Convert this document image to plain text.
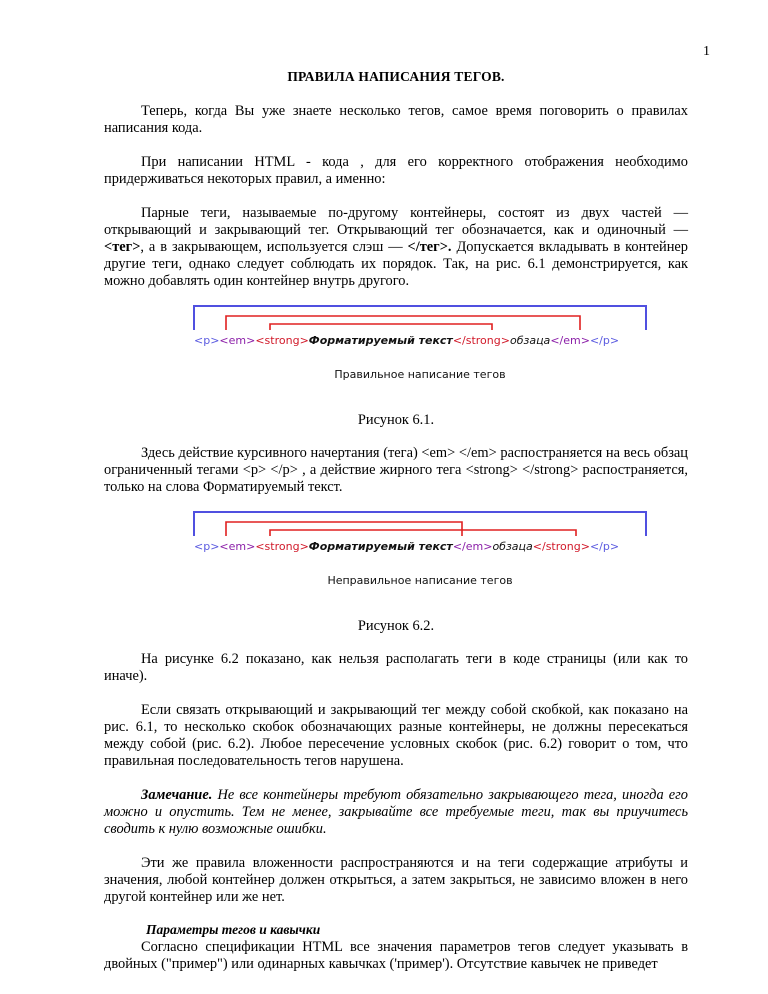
1
ПРАВИЛА НАПИСАНИЯ ТЕГОВ.

Теперь, когда Вы уже знаете несколько тегов, самое время поговорить о правилах написания кода.

При написании HTML - кода , для его корректного отображения необходимо придерживаться некоторых правил, а именно:

Парные теги, называемые по-другому контейнеры, состоят из двух частей — открывающий и закрывающий тег. Открывающий тег обозначается, как и одиночный — <тег>, а в закрывающем, используется слэш — </тег>. Допускается вкладывать в контейнер другие теги, однако следует соблюдать их порядок. Так, на рис. 6.1 демонстрируется, как можно добавлять один контейнер внутрь другого.

<p><em><strong>Форматируемый текст</strong>обзаца</em></p>
Правильное написание тегов

Рисунок 6.1.

Здесь действие курсивного начертания (тега) <em> </em> распостраняется на весь обзац ограниченный тегами <p> </p> , а действие жирного тега <strong> </strong> распостраняется, только на слова Форматируемый текст.

<p><em><strong>Форматируемый текст</em>обзаца</strong></p>
Неправильное написание тегов

Рисунок 6.2.

На рисунке 6.2 показано, как нельзя располагать теги в коде страницы (или как то иначе).

Если связать открывающий и закрывающий тег между собой скобкой, как показано на рис. 6.1, то несколько скобок обозначающих разные контейнеры, не должны пересекаться между собой (рис. 6.2). Любое пересечение условных скобок (рис. 6.2) говорит о том, что правильная последовательность тегов нарушена.

Замечание. Не все контейнеры требуют обязательно закрывающего тега, иногда его можно и опустить. Тем не менее, закрывайте все требуемые теги, так вы приучитесь сводить к нулю возможные ошибки.

Эти же правила вложенности распространяются и на теги содержащие атрибуты и значения, любой контейнер должен открыться, а затем закрыться, не зависимо вложен в него другой контейнер или же нет.

Параметры тегов и кавычки

Согласно спецификации HTML все значения параметров тегов следует указывать в двойных ("пример") или одинарных кавычках ('пример'). Отсутствие кавычек не приведет
